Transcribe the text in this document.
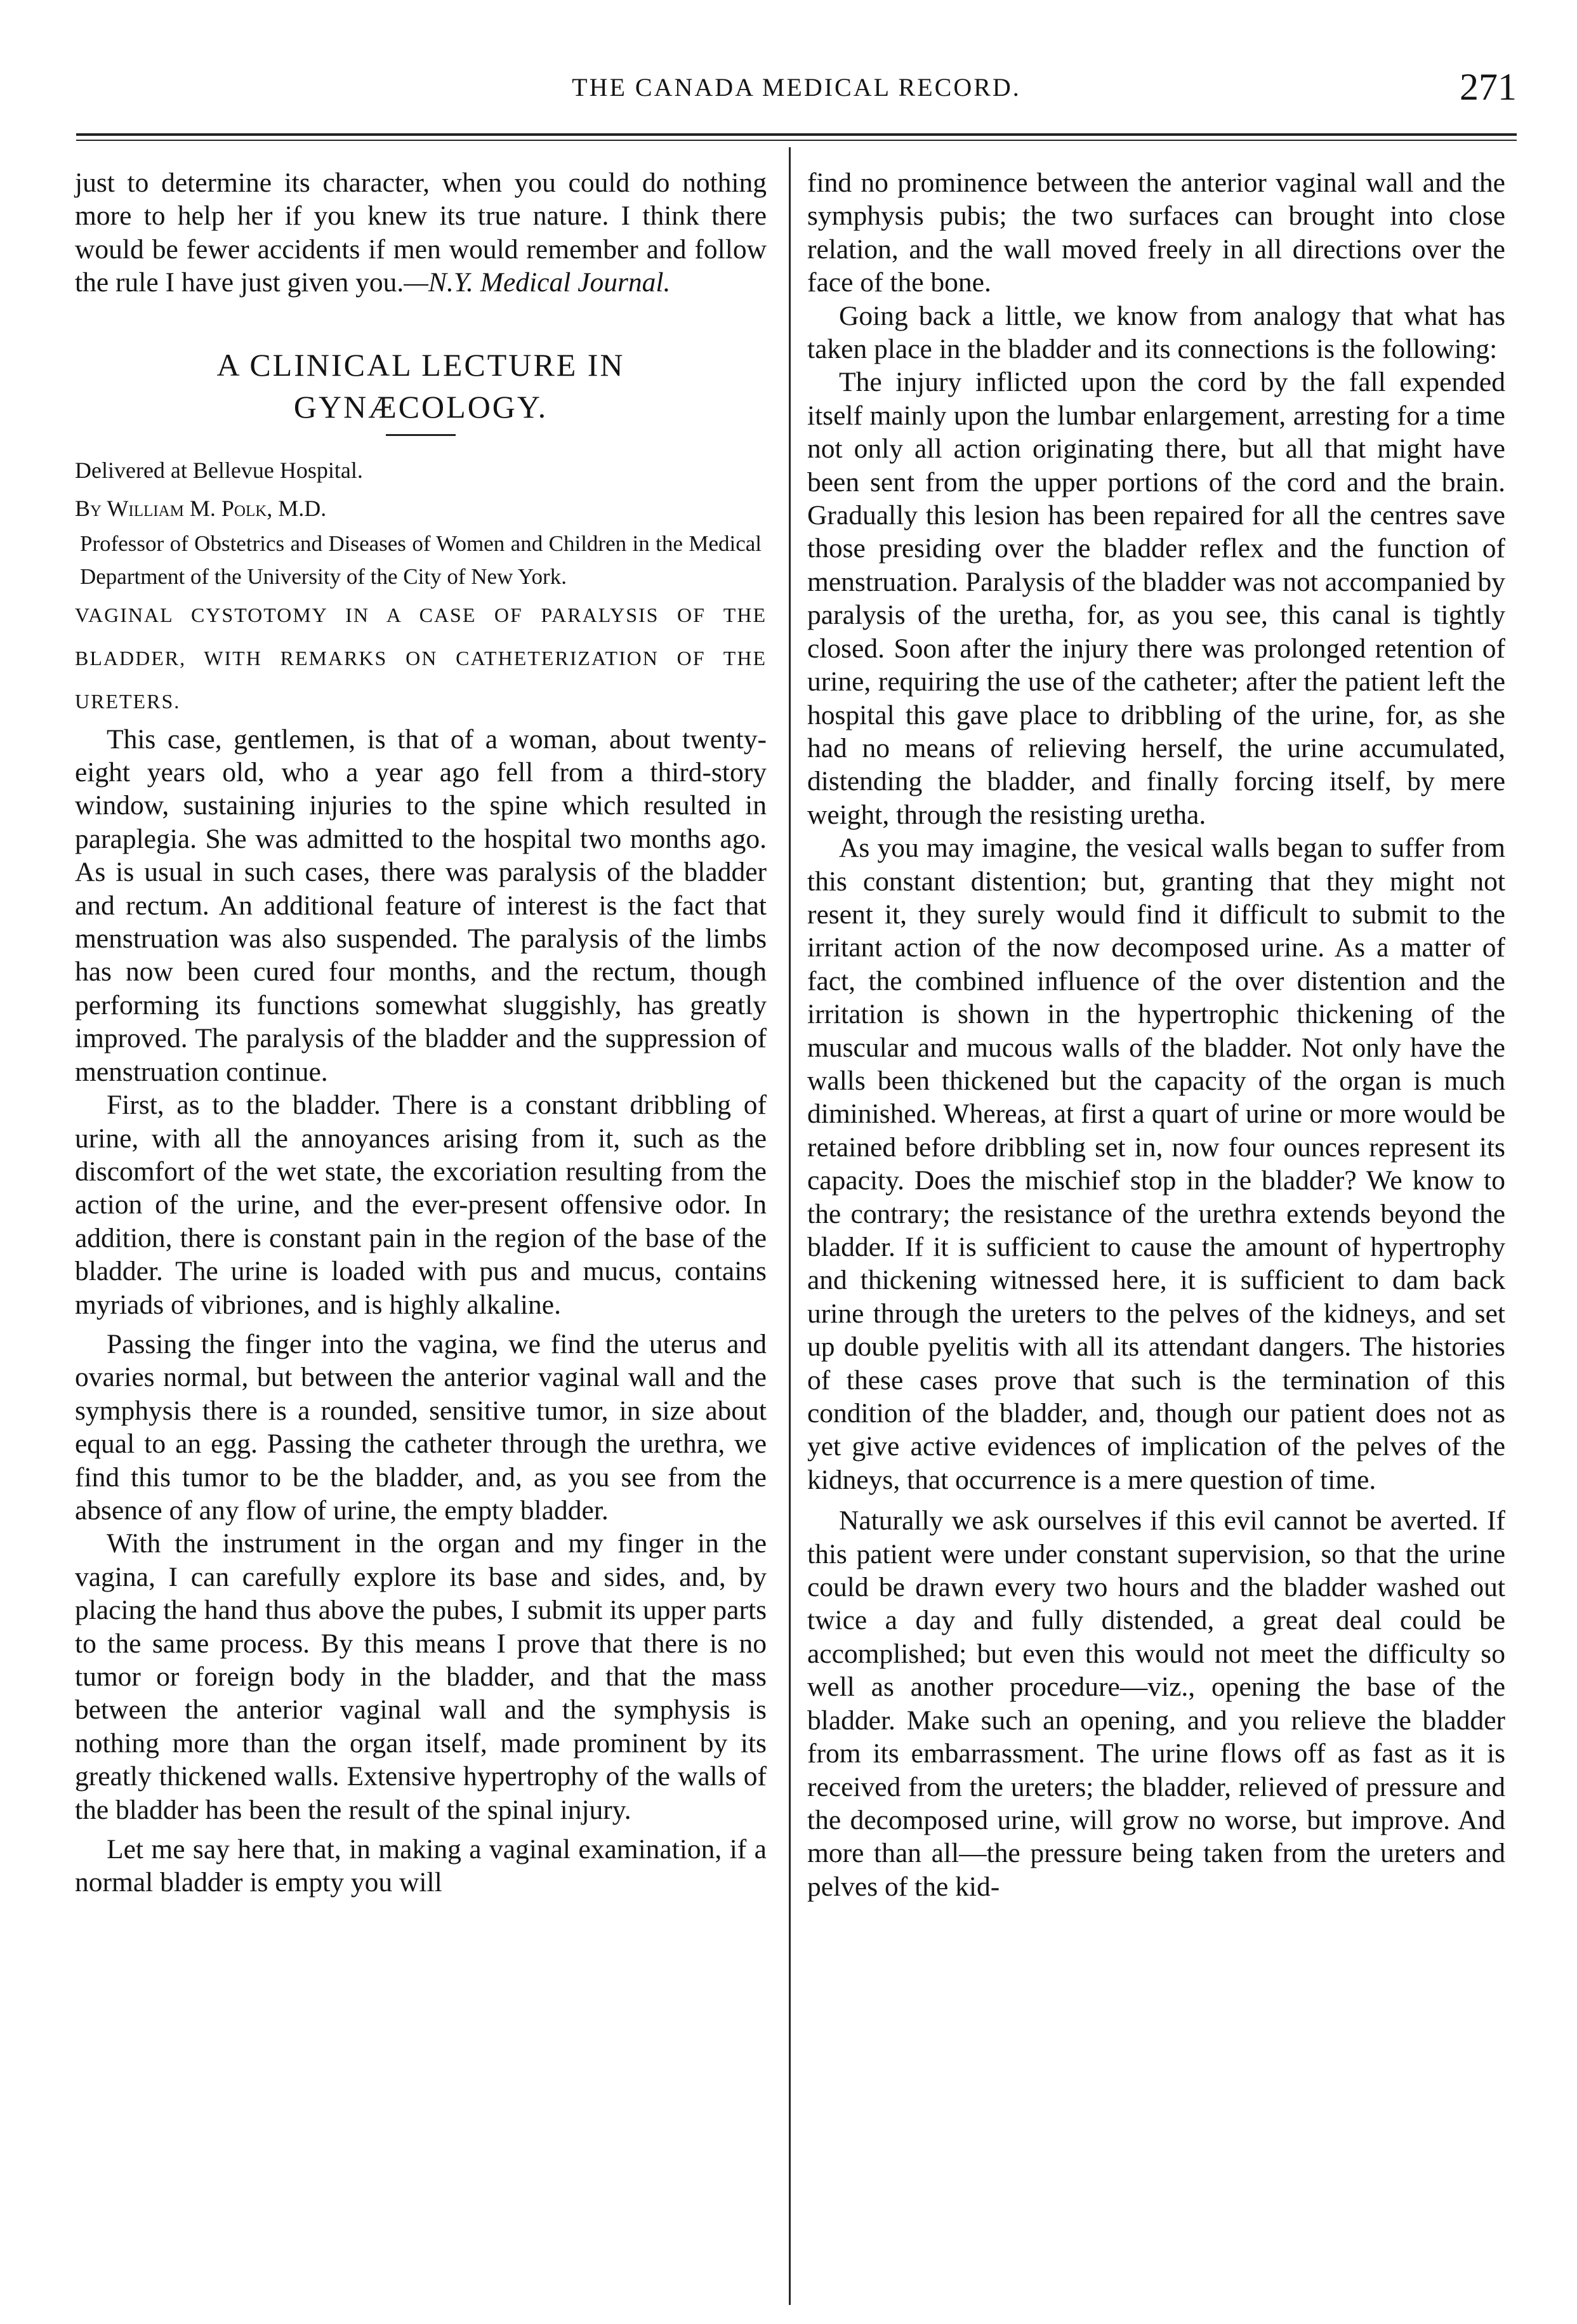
THE CANADA MEDICAL RECORD.	271

just to determine its character, when you could do nothing more to help her if you knew its true nature. I think there would be fewer accidents if men would remember and follow the rule I have just given you.—N.Y. Medical Journal.

A CLINICAL LECTURE IN GYNÆCOLOGY.

Delivered at Bellevue Hospital.

By William M. Polk, M.D.

Professor of Obstetrics and Diseases of Women and Children in the Medical Department of the University of the City of New York.

VAGINAL CYSTOTOMY IN A CASE OF PARALYSIS OF THE BLADDER, WITH REMARKS ON CATHETERIZATION OF THE URETERS.

This case, gentlemen, is that of a woman, about twenty-eight years old, who a year ago fell from a third-story window, sustaining injuries to the spine which resulted in paraplegia. She was admitted to the hospital two months ago. As is usual in such cases, there was paralysis of the bladder and rectum. An additional feature of interest is the fact that menstruation was also suspended. The paralysis of the limbs has now been cured four months, and the rectum, though performing its functions somewhat sluggishly, has greatly improved. The paralysis of the bladder and the suppression of menstruation continue.

First, as to the bladder. There is a constant dribbling of urine, with all the annoyances arising from it, such as the discomfort of the wet state, the excoriation resulting from the action of the urine, and the ever-present offensive odor. In addition, there is constant pain in the region of the base of the bladder. The urine is loaded with pus and mucus, contains myriads of vibriones, and is highly alkaline.

Passing the finger into the vagina, we find the uterus and ovaries normal, but between the anterior vaginal wall and the symphysis there is a rounded, sensitive tumor, in size about equal to an egg. Passing the catheter through the urethra, we find this tumor to be the bladder, and, as you see from the absence of any flow of urine, the empty bladder.

With the instrument in the organ and my finger in the vagina, I can carefully explore its base and sides, and, by placing the hand thus above the pubes, I submit its upper parts to the same process. By this means I prove that there is no tumor or foreign body in the bladder, and that the mass between the anterior vaginal wall and the symphysis is nothing more than the organ itself, made prominent by its greatly thickened walls. Extensive hypertrophy of the walls of the bladder has been the result of the spinal injury.

Let me say here that, in making a vaginal examination, if a normal bladder is empty you will

find no prominence between the anterior vaginal wall and the symphysis pubis; the two surfaces can brought into close relation, and the wall moved freely in all directions over the face of the bone.

Going back a little, we know from analogy that what has taken place in the bladder and its connections is the following:

The injury inflicted upon the cord by the fall expended itself mainly upon the lumbar enlargement, arresting for a time not only all action originating there, but all that might have been sent from the upper portions of the cord and the brain. Gradually this lesion has been repaired for all the centres save those presiding over the bladder reflex and the function of menstruation. Paralysis of the bladder was not accompanied by paralysis of the uretha, for, as you see, this canal is tightly closed. Soon after the injury there was prolonged retention of urine, requiring the use of the catheter; after the patient left the hospital this gave place to dribbling of the urine, for, as she had no means of relieving herself, the urine accumulated, distending the bladder, and finally forcing itself, by mere weight, through the resisting uretha.

As you may imagine, the vesical walls began to suffer from this constant distention; but, granting that they might not resent it, they surely would find it difficult to submit to the irritant action of the now decomposed urine. As a matter of fact, the combined influence of the over distention and the irritation is shown in the hypertrophic thickening of the muscular and mucous walls of the bladder. Not only have the walls been thickened but the capacity of the organ is much diminished. Whereas, at first a quart of urine or more would be retained before dribbling set in, now four ounces represent its capacity. Does the mischief stop in the bladder? We know to the contrary; the resistance of the urethra extends beyond the bladder. If it is sufficient to cause the amount of hypertrophy and thickening witnessed here, it is sufficient to dam back urine through the ureters to the pelves of the kidneys, and set up double pyelitis with all its attendant dangers. The histories of these cases prove that such is the termination of this condition of the bladder, and, though our patient does not as yet give active evidences of implication of the pelves of the kidneys, that occurrence is a mere question of time.

Naturally we ask ourselves if this evil cannot be averted. If this patient were under constant supervision, so that the urine could be drawn every two hours and the bladder washed out twice a day and fully distended, a great deal could be accomplished; but even this would not meet the difficulty so well as another procedure—viz., opening the base of the bladder. Make such an opening, and you relieve the bladder from its embarrassment. The urine flows off as fast as it is received from the ureters; the bladder, relieved of pressure and the decomposed urine, will grow no worse, but improve. And more than all—the pressure being taken from the ureters and pelves of the kid-
